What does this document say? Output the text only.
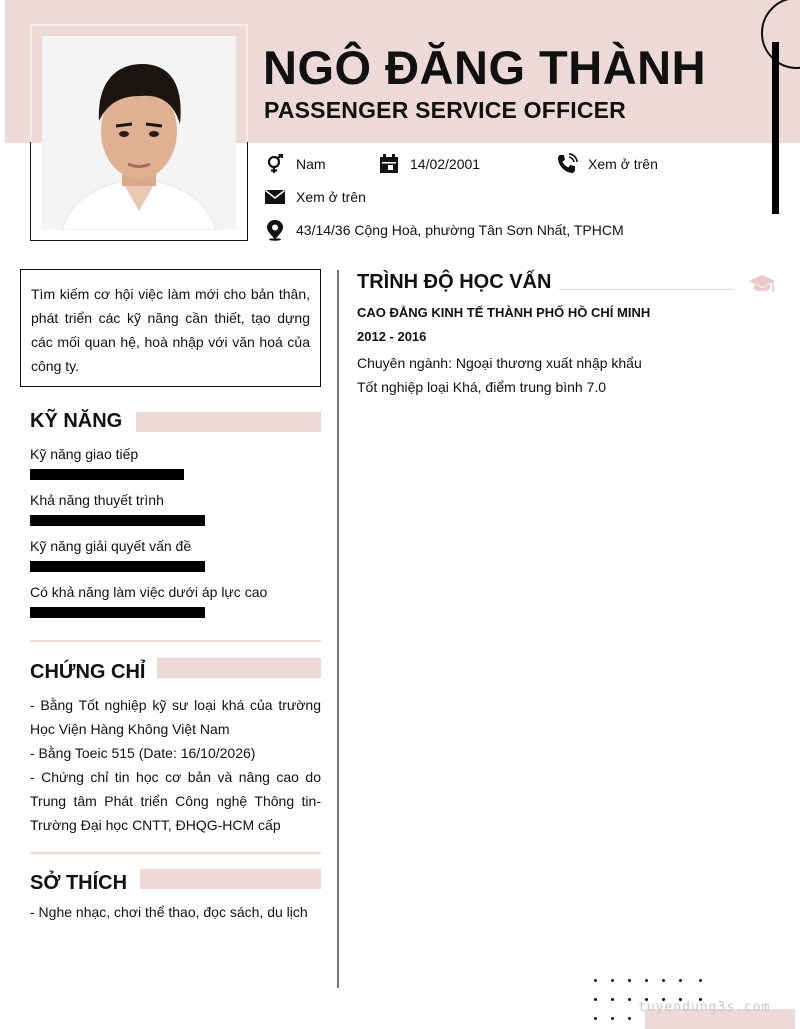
NGÔ ĐĂNG THÀNH
PASSENGER SERVICE OFFICER
Nam	14/02/2001	Xem ở trên
Xem ở trên
43/14/36 Cộng Hoà, phường Tân Sơn Nhất, TPHCM
Tìm kiếm cơ hội việc làm mới cho bản thân, phát triển các kỹ năng cần thiết, tạo dựng các mối quan hệ, hoà nhập với văn hoá của công ty.
KỸ NĂNG
Kỹ năng giao tiếp
Khả năng thuyết trình
Kỹ năng giải quyết vấn đề
Có khả năng làm việc dưới áp lực cao
CHỨNG CHỈ

- Bằng Tốt nghiệp kỹ sư loại khá của trường Học Viện Hàng Không Việt Nam

- Bằng Toeic 515 (Date: 16/10/2026)

- Chứng chỉ tin học cơ bản và nâng cao do Trung tâm Phát triển Công nghệ Thông tin- Trường Đại học CNTT, ĐHQG-HCM cấp

SỞ THÍCH
- Nghe nhạc, chơi thể thao, đọc sách, du lịch
TRÌNH ĐỘ HỌC VẤN
CAO ĐẲNG KINH TẾ THÀNH PHỐ HỒ CHÍ MINH
2012 - 2016
Chuyên ngành: Ngoại thương xuất nhập khẩu
Tốt nghiệp loại Khá, điểm trung bình 7.0
tuyendung3s.com
